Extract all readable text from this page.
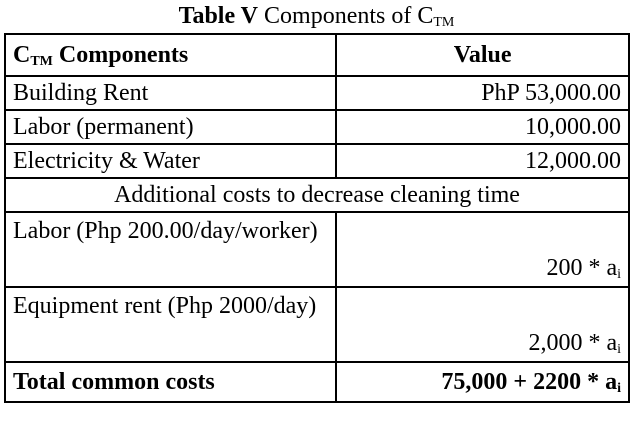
Table V Components of $C_{TM}$
$C_{TM}$ Components	Value
Building Rent	PhP 53,000.00
Labor (permanent)	10,000.00
Electricity & Water	12,000.00
Additional costs to decrease cleaning time	
Labor (Php 200.00/day/worker)	$200 * a_i$
Equipment rent (Php 2000/day)	$2,000 * a_i$
Total common costs	$75,000 + 2200 * a_i$
